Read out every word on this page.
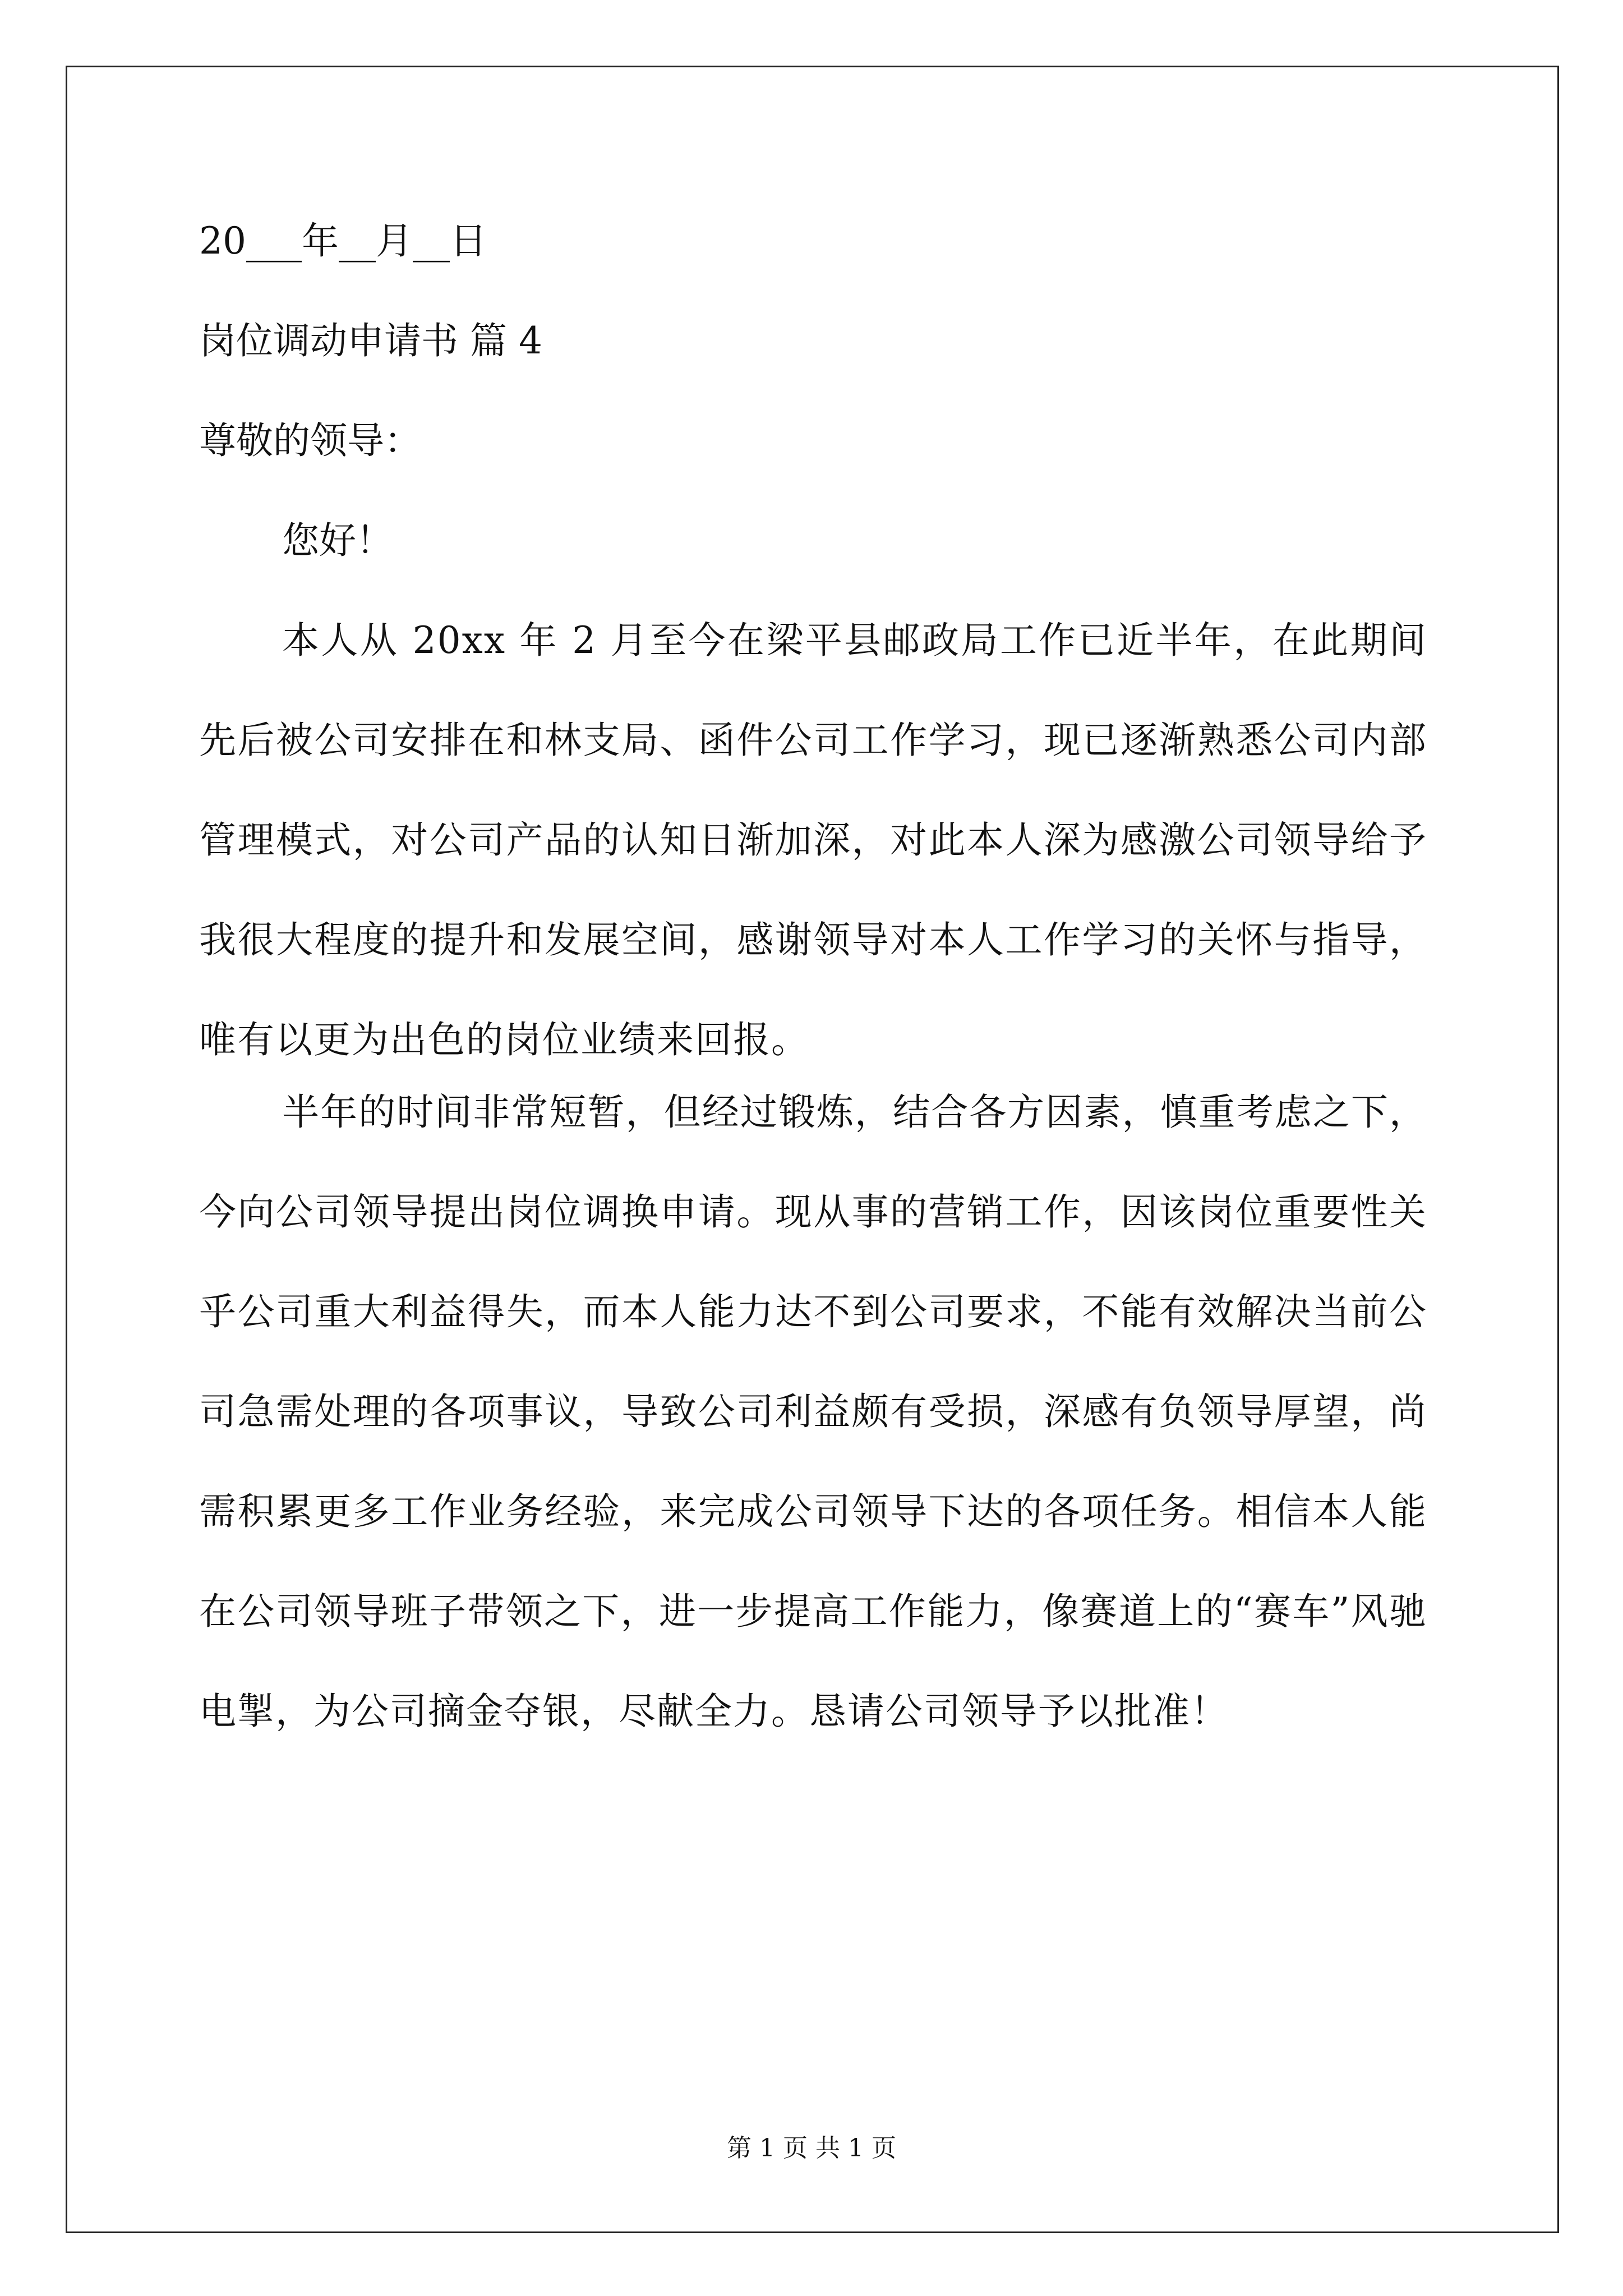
20___年__月__日
岗位调动申请书 篇 4
尊敬的领导：
您好！

本人从 20xx 年 2 月至今在梁平县邮政局工作已近半年，在此期间先后被公司安排在和林支局、函件公司工作学习，现已逐渐熟悉公司内部管理模式，对公司产品的认知日渐加深，对此本人深为感激公司领导给予我很大程度的提升和发展空间，感谢领导对本人工作学习的关怀与指导，唯有以更为出色的岗位业绩来回报。

半年的时间非常短暂，但经过锻炼，结合各方因素，慎重考虑之下，今向公司领导提出岗位调换申请。现从事的营销工作，因该岗位重要性关乎公司重大利益得失，而本人能力达不到公司要求，不能有效解决当前公司急需处理的各项事议，导致公司利益颇有受损，深感有负领导厚望，尚需积累更多工作业务经验，来完成公司领导下达的各项任务。相信本人能在公司领导班子带领之下，进一步提高工作能力，像赛道上的“赛车”风驰电掣，为公司摘金夺银，尽献全力。恳请公司领导予以批准！

第 1 页 共 1 页
